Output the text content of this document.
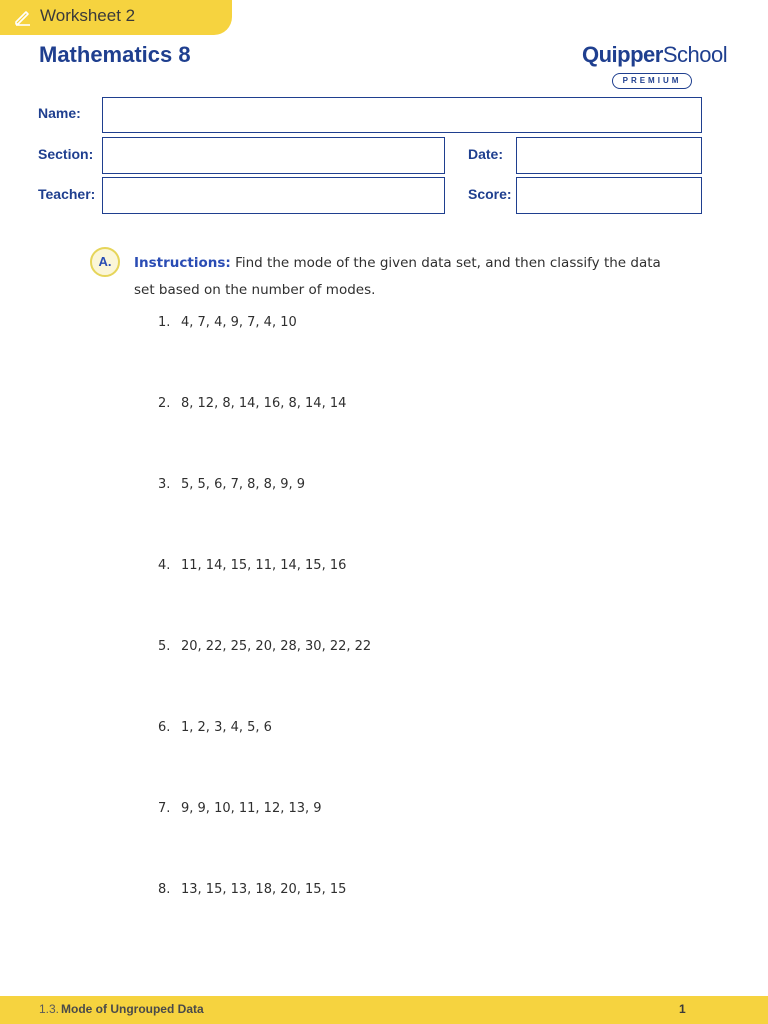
Worksheet 2
Mathematics 8	QuipperSchool
PREMIUM
Name:
Section:	Date:
Teacher:	Score:
A.	Instructions: Find the mode of the given data set, and then classify the data set based on the number of modes.
1. 4, 7, 4, 9, 7, 4, 10
2. 8, 12, 8, 14, 16, 8, 14, 14
3. 5, 5, 6, 7, 8, 8, 9, 9
4. 11, 14, 15, 11, 14, 15, 16
5. 20, 22, 25, 20, 28, 30, 22, 22
6. 1, 2, 3, 4, 5, 6
7. 9, 9, 10, 11, 12, 13, 9
8. 13, 15, 13, 18, 20, 15, 15
1.3. Mode of Ungrouped Data	1
